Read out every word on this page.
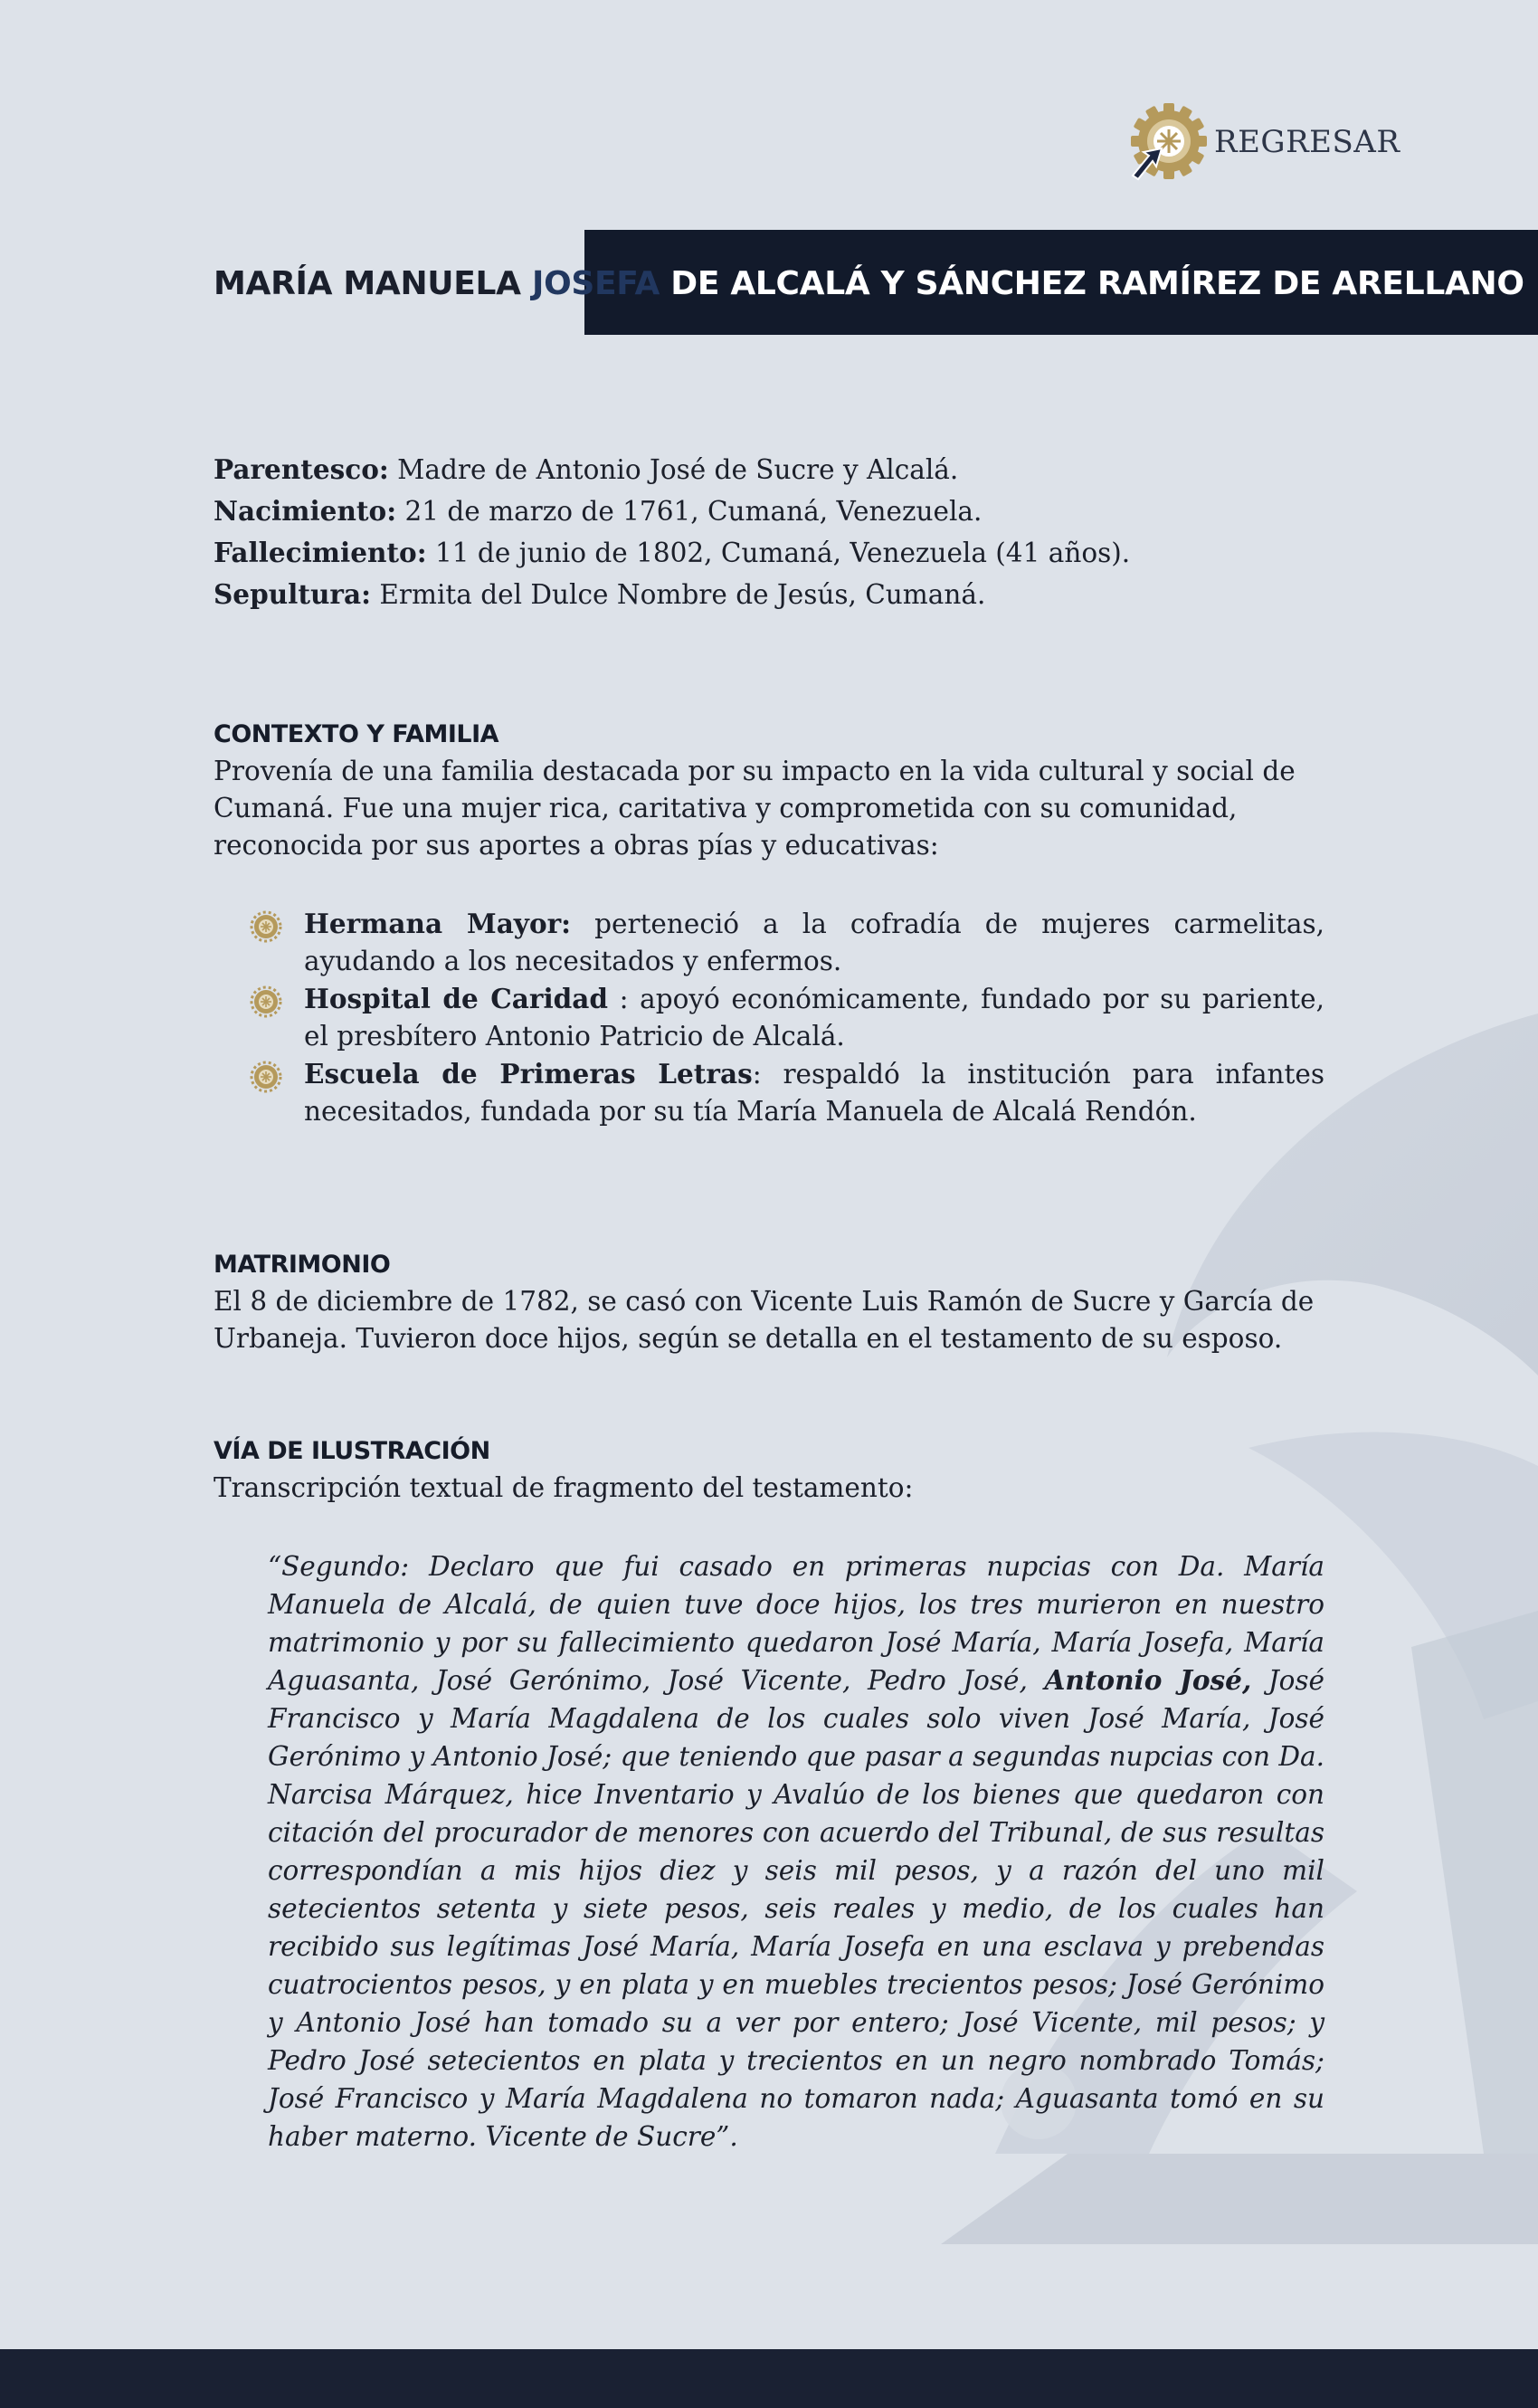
REGRESAR
MARÍA MANUELA JOSEFA DE ALCALÁ Y SÁNCHEZ RAMÍREZ DE ARELLANO
Parentesco: Madre de Antonio José de Sucre y Alcalá.
Nacimiento: 21 de marzo de 1761, Cumaná, Venezuela.
Fallecimiento: 11 de junio de 1802, Cumaná, Venezuela (41 años).
Sepultura: Ermita del Dulce Nombre de Jesús, Cumaná.
CONTEXTO Y FAMILIA

Provenía de una familia destacada por su impacto en la vida cultural y social de Cumaná. Fue una mujer rica, caritativa y comprometida con su comunidad, reconocida por sus aportes a obras pías y educativas:

Hermana Mayor: perteneció a la cofradía de mujeres carmelitas, ayudando a los necesitados y enfermos.
Hospital de Caridad : apoyó económicamente, fundado por su pariente, el presbítero Antonio Patricio de Alcalá.
Escuela de Primeras Letras: respaldó la institución para infantes necesitados, fundada por su tía María Manuela de Alcalá Rendón.
MATRIMONIO

El 8 de diciembre de 1782, se casó con Vicente Luis Ramón de Sucre y García de Urbaneja. Tuvieron doce hijos, según se detalla en el testamento de su esposo.

VÍA DE ILUSTRACIÓN

Transcripción textual de fragmento del testamento:

“Segundo: Declaro que fui casado en primeras nupcias con Da. María Manuela de Alcalá, de quien tuve doce hijos, los tres murieron en nuestro matrimonio y por su fallecimiento quedaron José María, María Josefa, María Aguasanta, José Gerónimo, José Vicente, Pedro José, Antonio José, José Francisco y María Magdalena de los cuales solo viven José María, José Gerónimo y Antonio José; que teniendo que pasar a segundas nupcias con Da. Narcisa Márquez, hice Inventario y Avalúo de los bienes que quedaron con citación del procurador de menores con acuerdo del Tribunal, de sus resultas correspondían a mis hijos diez y seis mil pesos, y a razón del uno mil setecientos setenta y siete pesos, seis reales y medio, de los cuales han recibido sus legítimas José María, María Josefa en una esclava y prebendas cuatrocientos pesos, y en plata y en muebles trecientos pesos; José Gerónimo y Antonio José han tomado su a ver por entero; José Vicente, mil pesos; y Pedro José setecientos en plata y trecientos en un negro nombrado Tomás; José Francisco y María Magdalena no tomaron nada; Aguasanta tomó en su haber materno. Vicente de Sucre”.
